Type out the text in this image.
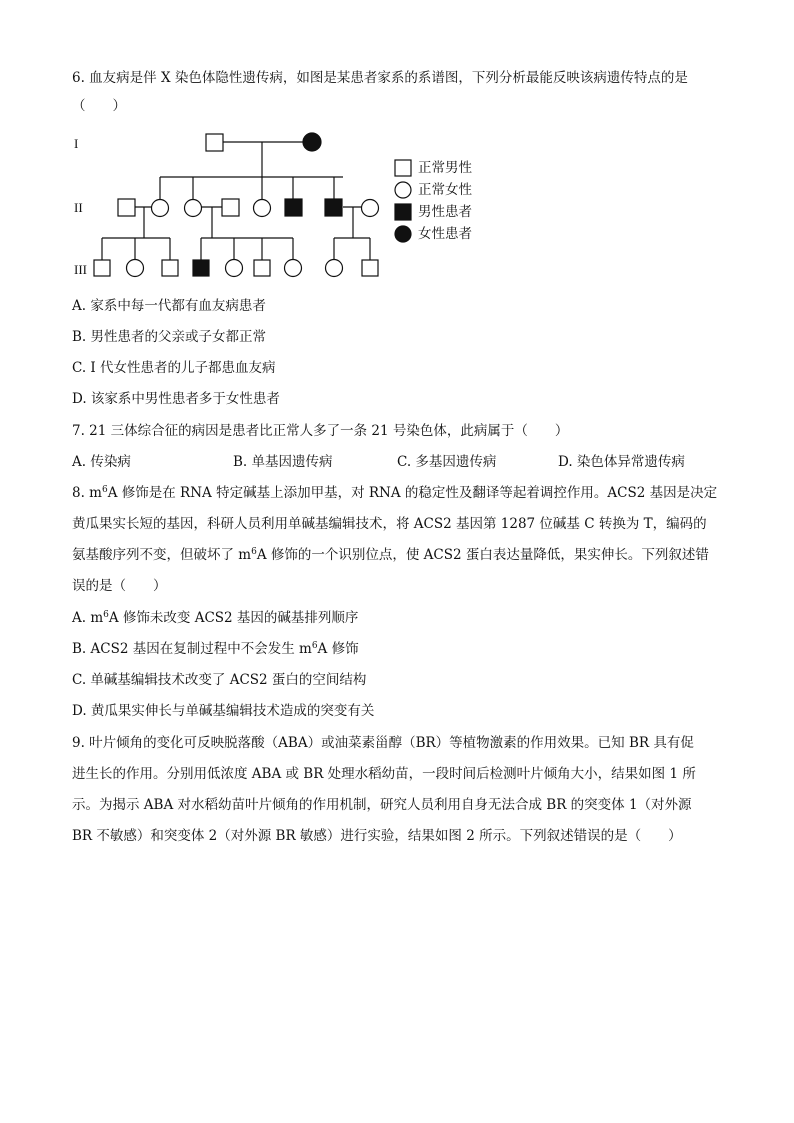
6. 血友病是伴 X 染色体隐性遗传病，如图是某患者家系的系谱图，下列分析最能反映该病遗传特点的是
（　　）
I
II
III
正常男性
正常女性
男性患者
女性患者
A. 家系中每一代都有血友病患者
B. 男性患者的父亲或子女都正常
C. I 代女性患者的儿子都患血友病
D. 该家系中男性患者多于女性患者
7. 21 三体综合征的病因是患者比正常人多了一条 21 号染色体，此病属于（　　）
A. 传染病	B. 单基因遗传病	C. 多基因遗传病	D. 染色体异常遗传病
8. $m^6A$ 修饰是在 RNA 特定碱基上添加甲基，对 RNA 的稳定性及翻译等起着调控作用。ACS2 基因是决定
黄瓜果实长短的基因，科研人员利用单碱基编辑技术，将 ACS2 基因第 1287 位碱基 C 转换为 T，编码的
氨基酸序列不变，但破坏了 $m^6A$ 修饰的一个识别位点，使 ACS2 蛋白表达量降低，果实伸长。下列叙述错
误的是（　　）
A. $m^6A$ 修饰未改变 ACS2 基因的碱基排列顺序
B. ACS2 基因在复制过程中不会发生 $m^6A$ 修饰
C. 单碱基编辑技术改变了 ACS2 蛋白的空间结构
D. 黄瓜果实伸长与单碱基编辑技术造成的突变有关
9. 叶片倾角的变化可反映脱落酸（ABA）或油菜素甾醇（BR）等植物激素的作用效果。已知 BR 具有促
进生长的作用。分别用低浓度 ABA 或 BR 处理水稻幼苗，一段时间后检测叶片倾角大小，结果如图 1 所
示。为揭示 ABA 对水稻幼苗叶片倾角的作用机制，研究人员利用自身无法合成 BR 的突变体 1（对外源
BR 不敏感）和突变体 2（对外源 BR 敏感）进行实验，结果如图 2 所示。下列叙述错误的是（　　）
